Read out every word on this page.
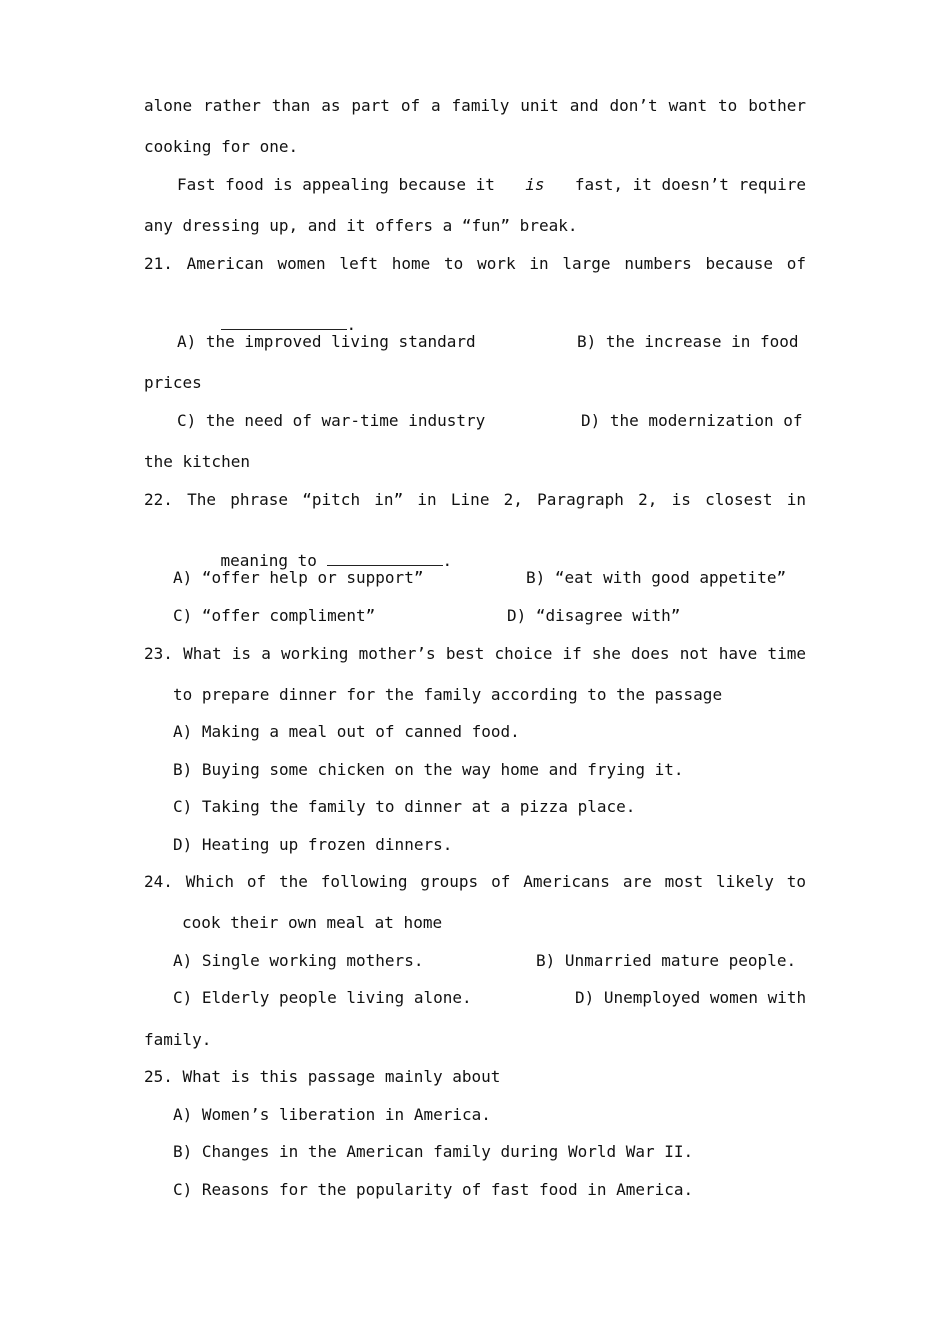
alone rather than as part of a family unit and don’t want to bother
cooking for one.
Fast food is appealing because it is fast, it doesn’t require
any dressing up, and it offers a “fun” break.
21. American women left home to work in large numbers because of

.

A) the improved living standard	B) the increase in food
prices
C) the need of war-time industry	D) the modernization of
the kitchen
22. The phrase “pitch in” in Line 2, Paragraph 2, is closest in

meaning to	.

A) “offer help or support”	B) “eat with good appetite”
C) “offer compliment”	D) “disagree with”
23. What is a working mother’s best choice if she does not have time
to prepare dinner for the family according to the passage
A) Making a meal out of canned food.
B) Buying some chicken on the way home and frying it.
C) Taking the family to dinner at a pizza place.
D) Heating up frozen dinners.
24. Which of the following groups of Americans are most likely to
cook their own meal at home
A) Single working mothers.	B) Unmarried mature people.
C) Elderly people living alone.	D) Unemployed women with
family.
25. What is this passage mainly about
A) Women’s liberation in America.
B) Changes in the American family during World War II.
C) Reasons for the popularity of fast food in America.
